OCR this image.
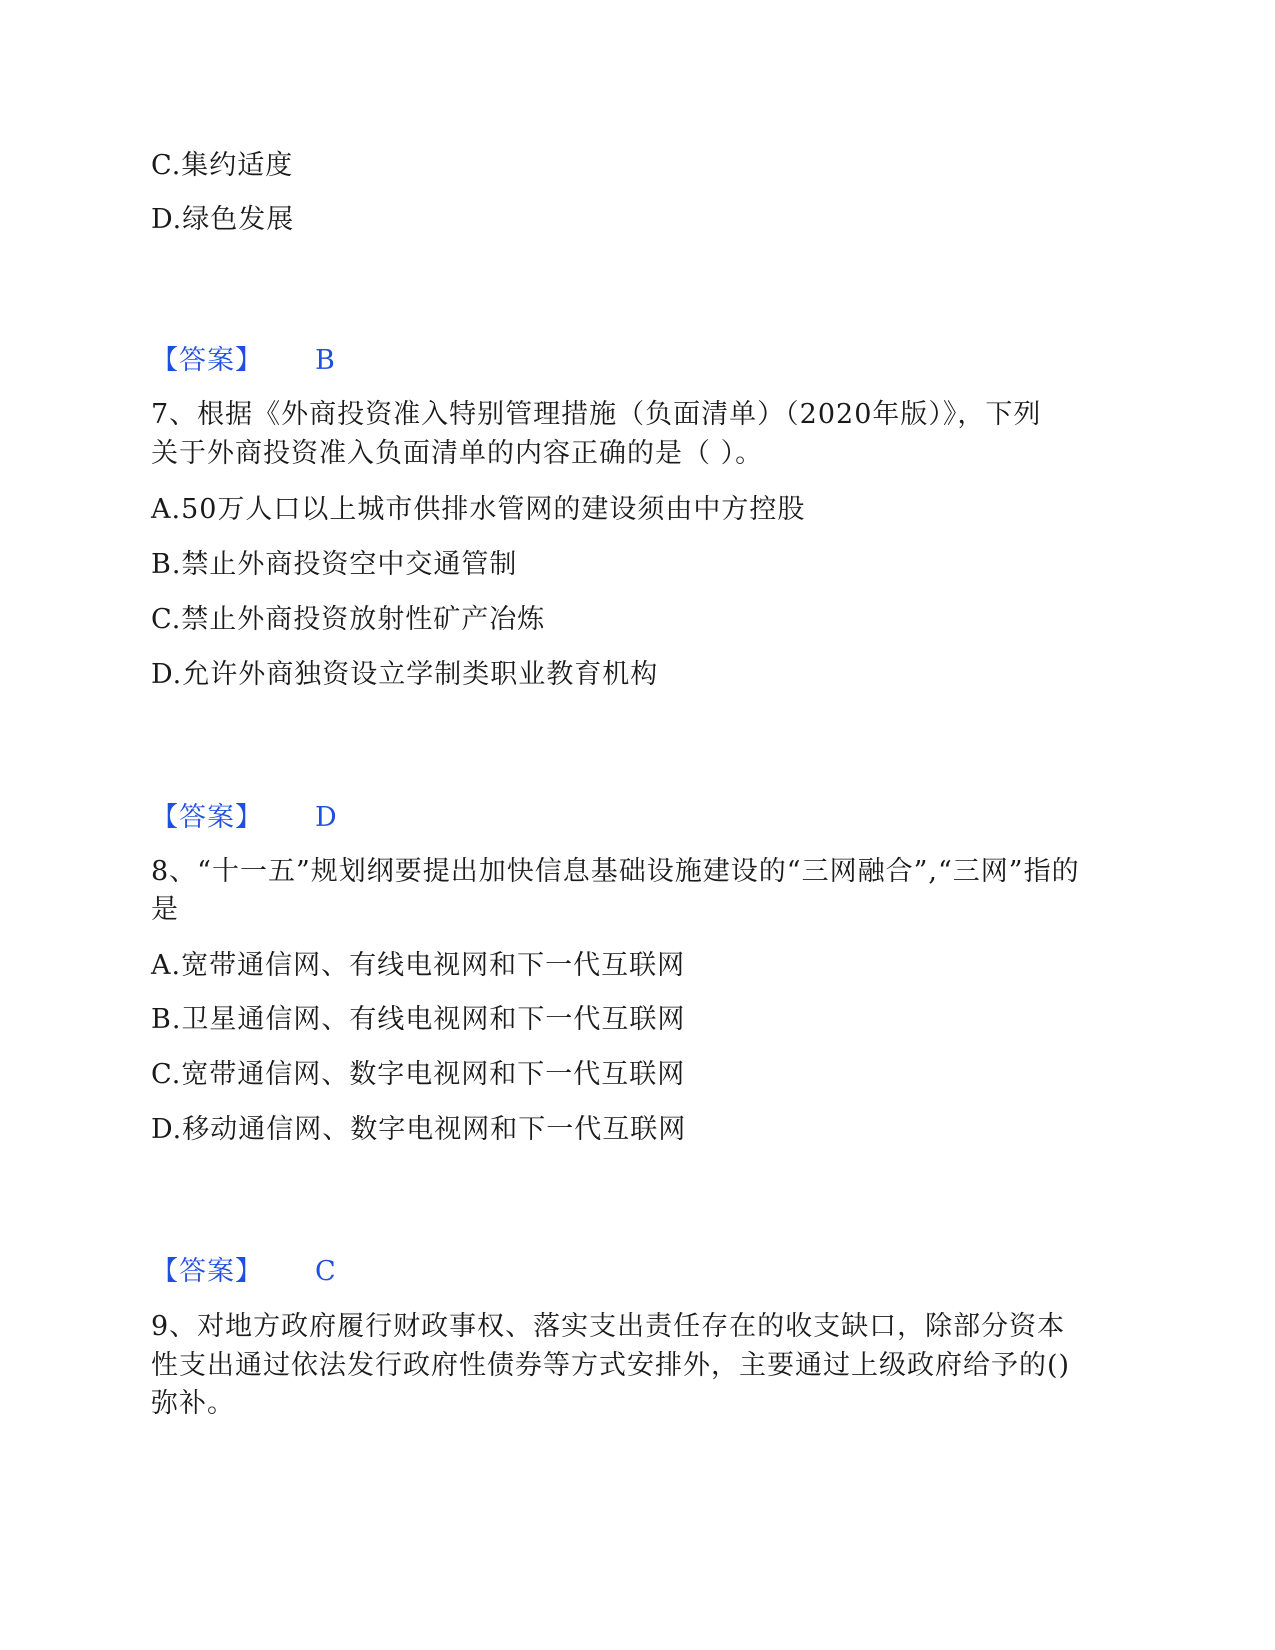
C.集约适度
D.绿色发展
【答案】 B
7、根据《外商投资准入特别管理措施（负面清单）（2020年版）》，下列
关于外商投资准入负面清单的内容正确的是（ ）。
A.50万人口以上城市供排水管网的建设须由中方控股
B.禁止外商投资空中交通管制
C.禁止外商投资放射性矿产冶炼
D.允许外商独资设立学制类职业教育机构
【答案】 D
8、“十一五”规划纲要提出加快信息基础设施建设的“三网融合”,“三网”指的
是
A.宽带通信网、有线电视网和下一代互联网
B.卫星通信网、有线电视网和下一代互联网
C.宽带通信网、数字电视网和下一代互联网
D.移动通信网、数字电视网和下一代互联网
【答案】 C
9、对地方政府履行财政事权、落实支出责任存在的收支缺口，除部分资本
性支出通过依法发行政府性债券等方式安排外，主要通过上级政府给予的()
弥补。
